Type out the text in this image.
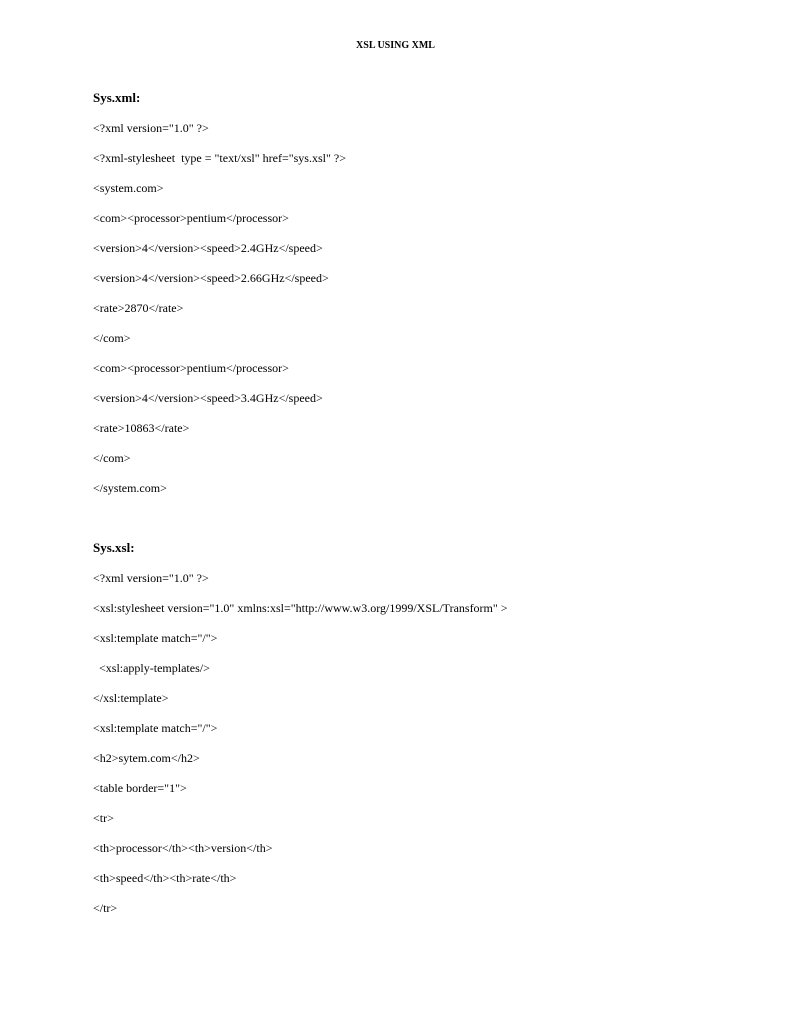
XSL USING XML
Sys.xml:
<?xml version="1.0" ?>
<?xml-stylesheet  type = "text/xsl" href="sys.xsl" ?>
<system.com>
<com><processor>pentium</processor>
<version>4</version><speed>2.4GHz</speed>
<version>4</version><speed>2.66GHz</speed>
<rate>2870</rate>
</com>
<com><processor>pentium</processor>
<version>4</version><speed>3.4GHz</speed>
<rate>10863</rate>
</com>
</system.com>
Sys.xsl:
<?xml version="1.0" ?>
<xsl:stylesheet version="1.0" xmlns:xsl="http://www.w3.org/1999/XSL/Transform" >
<xsl:template match="/">
<xsl:apply-templates/>
</xsl:template>
<xsl:template match="/">
<h2>sytem.com</h2>
<table border="1">
<tr>
<th>processor</th><th>version</th>
<th>speed</th><th>rate</th>
</tr>
